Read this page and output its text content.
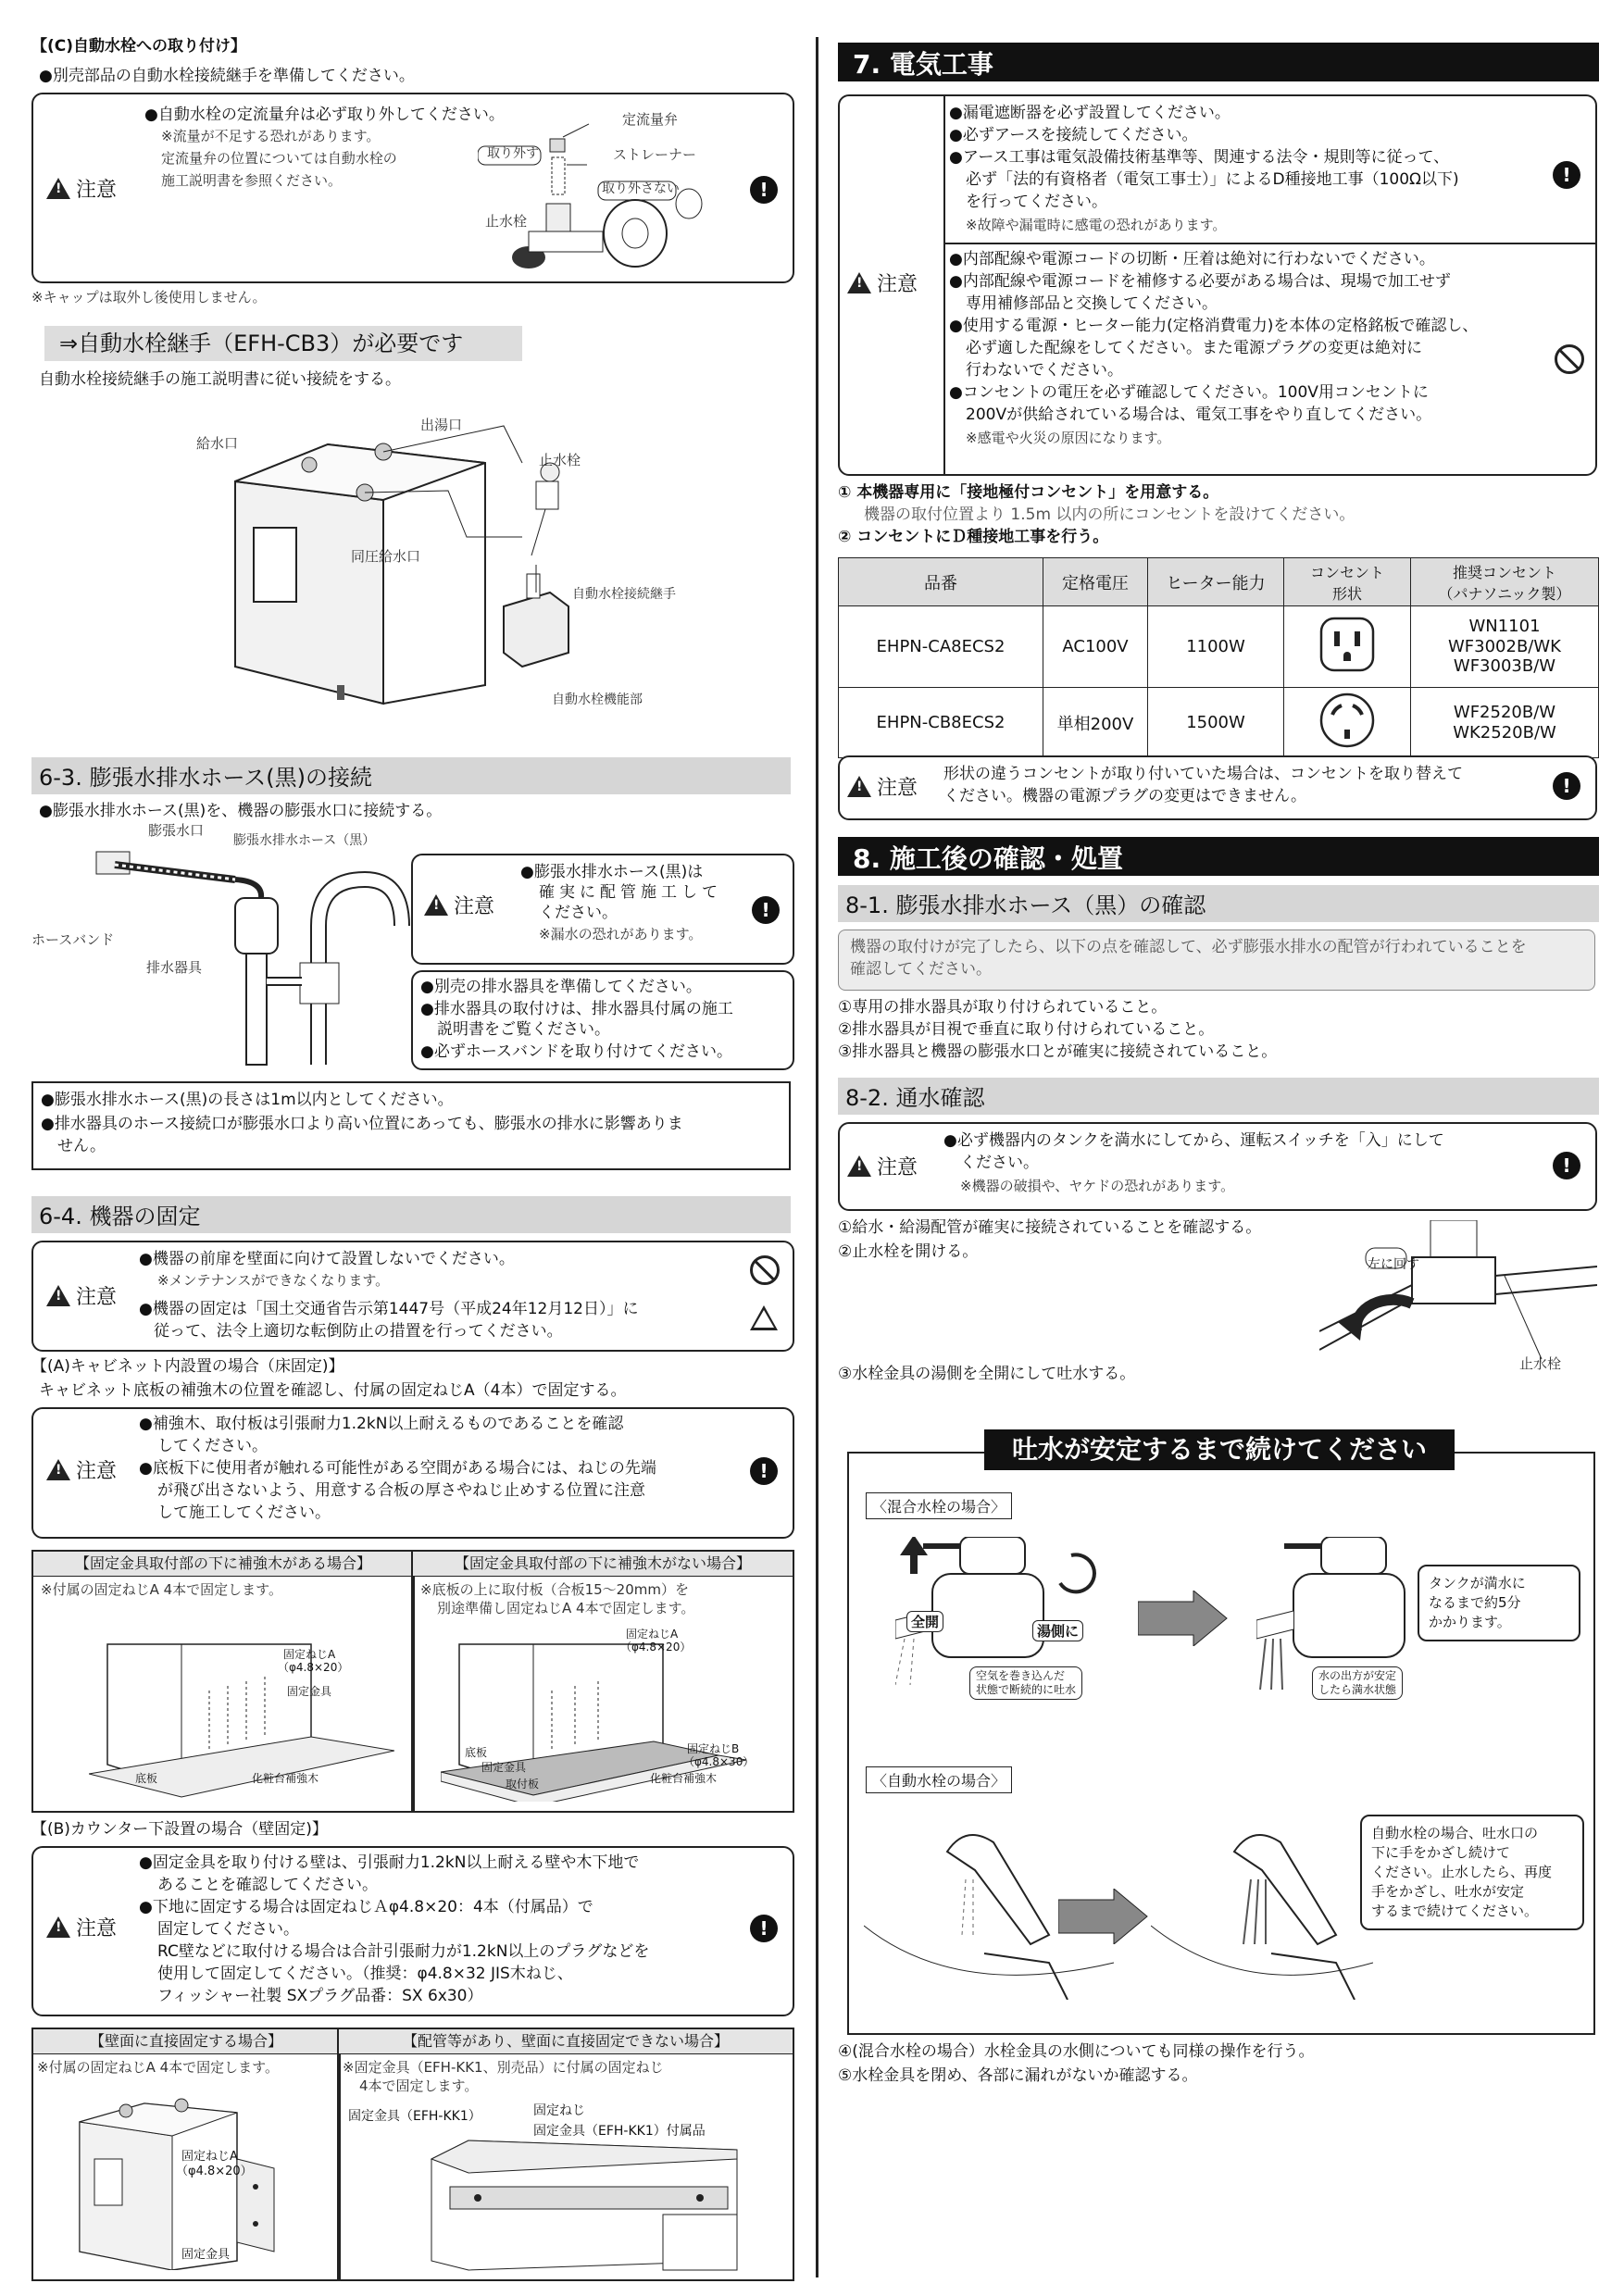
【(C)自動水栓への取り付け】
●別売部品の自動水栓接続継手を準備してください。
!
注意
●自動水栓の定流量弁は必ず取り外してください。
※流量が不足する恐れがあります。
定流量弁の位置については自動水栓の
施工説明書を参照ください。
定流量弁
取り外す	ストレーナー
取り外さない
止水栓
!
※キャップは取外し後使用しません。
⇒自動水栓継手（EFH-CB3）が必要です
自動水栓接続継手の施工説明書に従い接続をする。
給水口
出湯口
止水栓
同圧給水口
自動水栓接続継手
自動水栓機能部
6-3. 膨張水排水ホース(黒)の接続
●膨張水排水ホース(黒)を、機器の膨張水口に接続する。
膨張水口
膨張水排水ホース（黒）
ホースバンド
排水器具
!
注意
●膨張水排水ホース(黒)は
確実に配管施工して
ください。
※漏水の恐れがあります。
!
●別売の排水器具を準備してください。
●排水器具の取付けは、排水器具付属の施工
説明書をご覧ください。
●必ずホースバンドを取り付けてください。
●膨張水排水ホース(黒)の長さは1m以内としてください。
●排水器具のホース接続口が膨張水口より高い位置にあっても、膨張水の排水に影響ありま
せん。
6-4. 機器の固定
!
注意
●機器の前扉を壁面に向けて設置しないでください。
※メンテナンスができなくなります。
●機器の固定は「国土交通省告示第1447号（平成24年12月12日）」に
従って、法令上適切な転倒防止の措置を行ってください。
【(A)キャビネット内設置の場合（床固定)】
キャビネット底板の補強木の位置を確認し、付属の固定ねじA（4本）で固定する。
!
注意
●補強木、取付板は引張耐力1.2kN以上耐えるものであることを確認
してください。
●底板下に使用者が触れる可能性がある空間がある場合には、ねじの先端
が飛び出さないよう、用意する合板の厚さやねじ止めする位置に注意
して施工してください。
!
【固定金具取付部の下に補強木がある場合】
※付属の固定ねじA 4本で固定します。
固定ねじA
（φ4.8×20）
固定金具
底板	化粧台補強木
【固定金具取付部の下に補強木がない場合】
※底板の上に取付板（合板15～20mm）を
別途準備し固定ねじA 4本で固定します。
固定ねじA
（φ4.8×20）
底板
固定金具
取付板
固定ねじB
（φ4.8×30）
化粧台補強木
【(B)カウンター下設置の場合（壁固定)】
!
注意
●固定金具を取り付ける壁は、引張耐力1.2kN以上耐える壁や木下地で
あることを確認してください。
●下地に固定する場合は固定ねじＡφ4.8×20：4本（付属品）で
固定してください。
RC壁などに取付ける場合は合計引張耐力が1.2kN以上のプラグなどを
使用して固定してください。（推奨：φ4.8×32 JIS木ねじ、
フィッシャー社製 SXプラグ品番：SX 6x30）
!
【壁面に直接固定する場合】
※付属の固定ねじA 4本で固定します。
固定ねじA
（φ4.8×20）
固定金具
【配管等があり、壁面に直接固定できない場合】
※固定金具（EFH-KK1、別売品）に付属の固定ねじ
4本で固定します。
固定金具（EFH-KK1）	固定ねじ
固定金具（EFH-KK1）付属品
7. 電気工事
!
注意
●漏電遮断器を必ず設置してください。
●必ずアースを接続してください。
●アース工事は電気設備技術基準等、関連する法令・規則等に従って、
必ず「法的有資格者（電気工事士）」によるD種接地工事（100Ω以下)
を行ってください。
※故障や漏電時に感電の恐れがあります。
!
●内部配線や電源コードの切断・圧着は絶対に行わないでください。
●内部配線や電源コードを補修する必要がある場合は、現場で加工せず
専用補修部品と交換してください。
●使用する電源・ヒーター能力(定格消費電力)を本体の定格銘板で確認し、
必ず適した配線をしてください。また電源プラグの変更は絶対に
行わないでください。
●コンセントの電圧を必ず確認してください。100V用コンセントに
200Vが供給されている場合は、電気工事をやり直してください。
※感電や火災の原因になります。
① 本機器専用に「接地極付コンセント」を用意する。
機器の取付位置より 1.5m 以内の所にコンセントを設けてください。
② コンセントにＤ種接地工事を行う。
品番	定格電圧	ヒーター能力	コンセント
形状	推奨コンセント
（パナソニック製）
EHPN-CA8ECS2	AC100V	1100W		WN1101
WF3002B/WK
WF3003B/W
EHPN-CB8ECS2	単相200V	1500W		WF2520B/W
WK2520B/W
!
注意
形状の違うコンセントが取り付いていた場合は、コンセントを取り替えて
ください。機器の電源プラグの変更はできません。	!
8. 施工後の確認・処置
8-1. 膨張水排水ホース（黒）の確認
機器の取付けが完了したら、以下の点を確認して、必ず膨張水排水の配管が行われていることを
確認してください。
①専用の排水器具が取り付けられていること。
②排水器具が目視で垂直に取り付けられていること。
③排水器具と機器の膨張水口とが確実に接続されていること。
8-2. 通水確認
!
注意
●必ず機器内のタンクを満水にしてから、運転スイッチを「入」にして
ください。
※機器の破損や、ヤケドの恐れがあります。
!
①給水・給湯配管が確実に接続されていることを確認する。
②止水栓を開ける。
左に回す
止水栓
③水栓金具の湯側を全開にして吐水する。
吐水が安定するまで続けてください
〈混合水栓の場合〉
全開
湯側に
空気を巻き込んだ
状態で断続的に吐水
水の出方が安定
したら満水状態
タンクが満水に
なるまで約5分
かかります。
〈自動水栓の場合〉
自動水栓の場合、吐水口の
下に手をかざし続けて
ください。止水したら、再度
手をかざし、吐水が安定
するまで続けてください。
④(混合水栓の場合）水栓金具の水側についても同様の操作を行う。
⑤水栓金具を閉め、各部に漏れがないか確認する。
